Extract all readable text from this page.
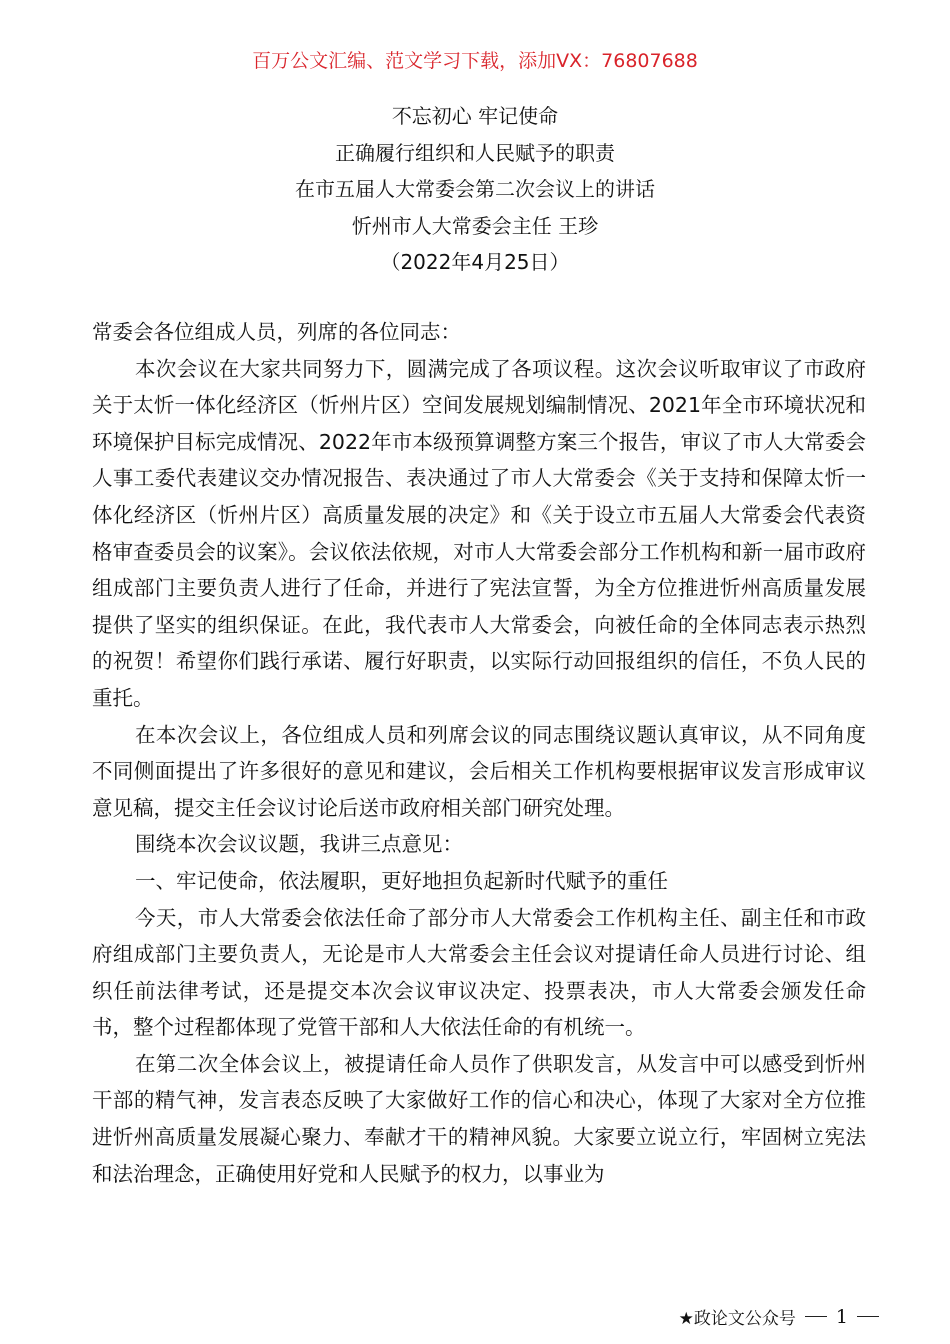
百万公文汇编、范文学习下载，添加VX：76807688
不忘初心 牢记使命
正确履行组织和人民赋予的职责
在市五届人大常委会第二次会议上的讲话
忻州市人大常委会主任 王珍
（2022年4月25日）

常委会各位组成人员，列席的各位同志：

本次会议在大家共同努力下，圆满完成了各项议程。这次会议听取审议了市政府关于太忻一体化经济区（忻州片区）空间发展规划编制情况、2021年全市环境状况和环境保护目标完成情况、2022年市本级预算调整方案三个报告，审议了市人大常委会人事工委代表建议交办情况报告、表决通过了市人大常委会《关于支持和保障太忻一体化经济区（忻州片区）高质量发展的决定》和《关于设立市五届人大常委会代表资格审查委员会的议案》。会议依法依规，对市人大常委会部分工作机构和新一届市政府组成部门主要负责人进行了任命，并进行了宪法宣誓，为全方位推进忻州高质量发展提供了坚实的组织保证。在此，我代表市人大常委会，向被任命的全体同志表示热烈的祝贺！希望你们践行承诺、履行好职责，以实际行动回报组织的信任，不负人民的重托。

在本次会议上，各位组成人员和列席会议的同志围绕议题认真审议，从不同角度不同侧面提出了许多很好的意见和建议，会后相关工作机构要根据审议发言形成审议意见稿，提交主任会议讨论后送市政府相关部门研究处理。

围绕本次会议议题，我讲三点意见：

一、牢记使命，依法履职，更好地担负起新时代赋予的重任

今天，市人大常委会依法任命了部分市人大常委会工作机构主任、副主任和市政府组成部门主要负责人，无论是市人大常委会主任会议对提请任命人员进行讨论、组织任前法律考试，还是提交本次会议审议决定、投票表决，市人大常委会颁发任命书，整个过程都体现了党管干部和人大依法任命的有机统一。

在第二次全体会议上，被提请任命人员作了供职发言，从发言中可以感受到忻州干部的精气神，发言表态反映了大家做好工作的信心和决心，体现了大家对全方位推进忻州高质量发展凝心聚力、奉献才干的精神风貌。大家要立说立行，牢固树立宪法和法治理念，正确使用好党和人民赋予的权力，以事业为

★政论文公众号 1
